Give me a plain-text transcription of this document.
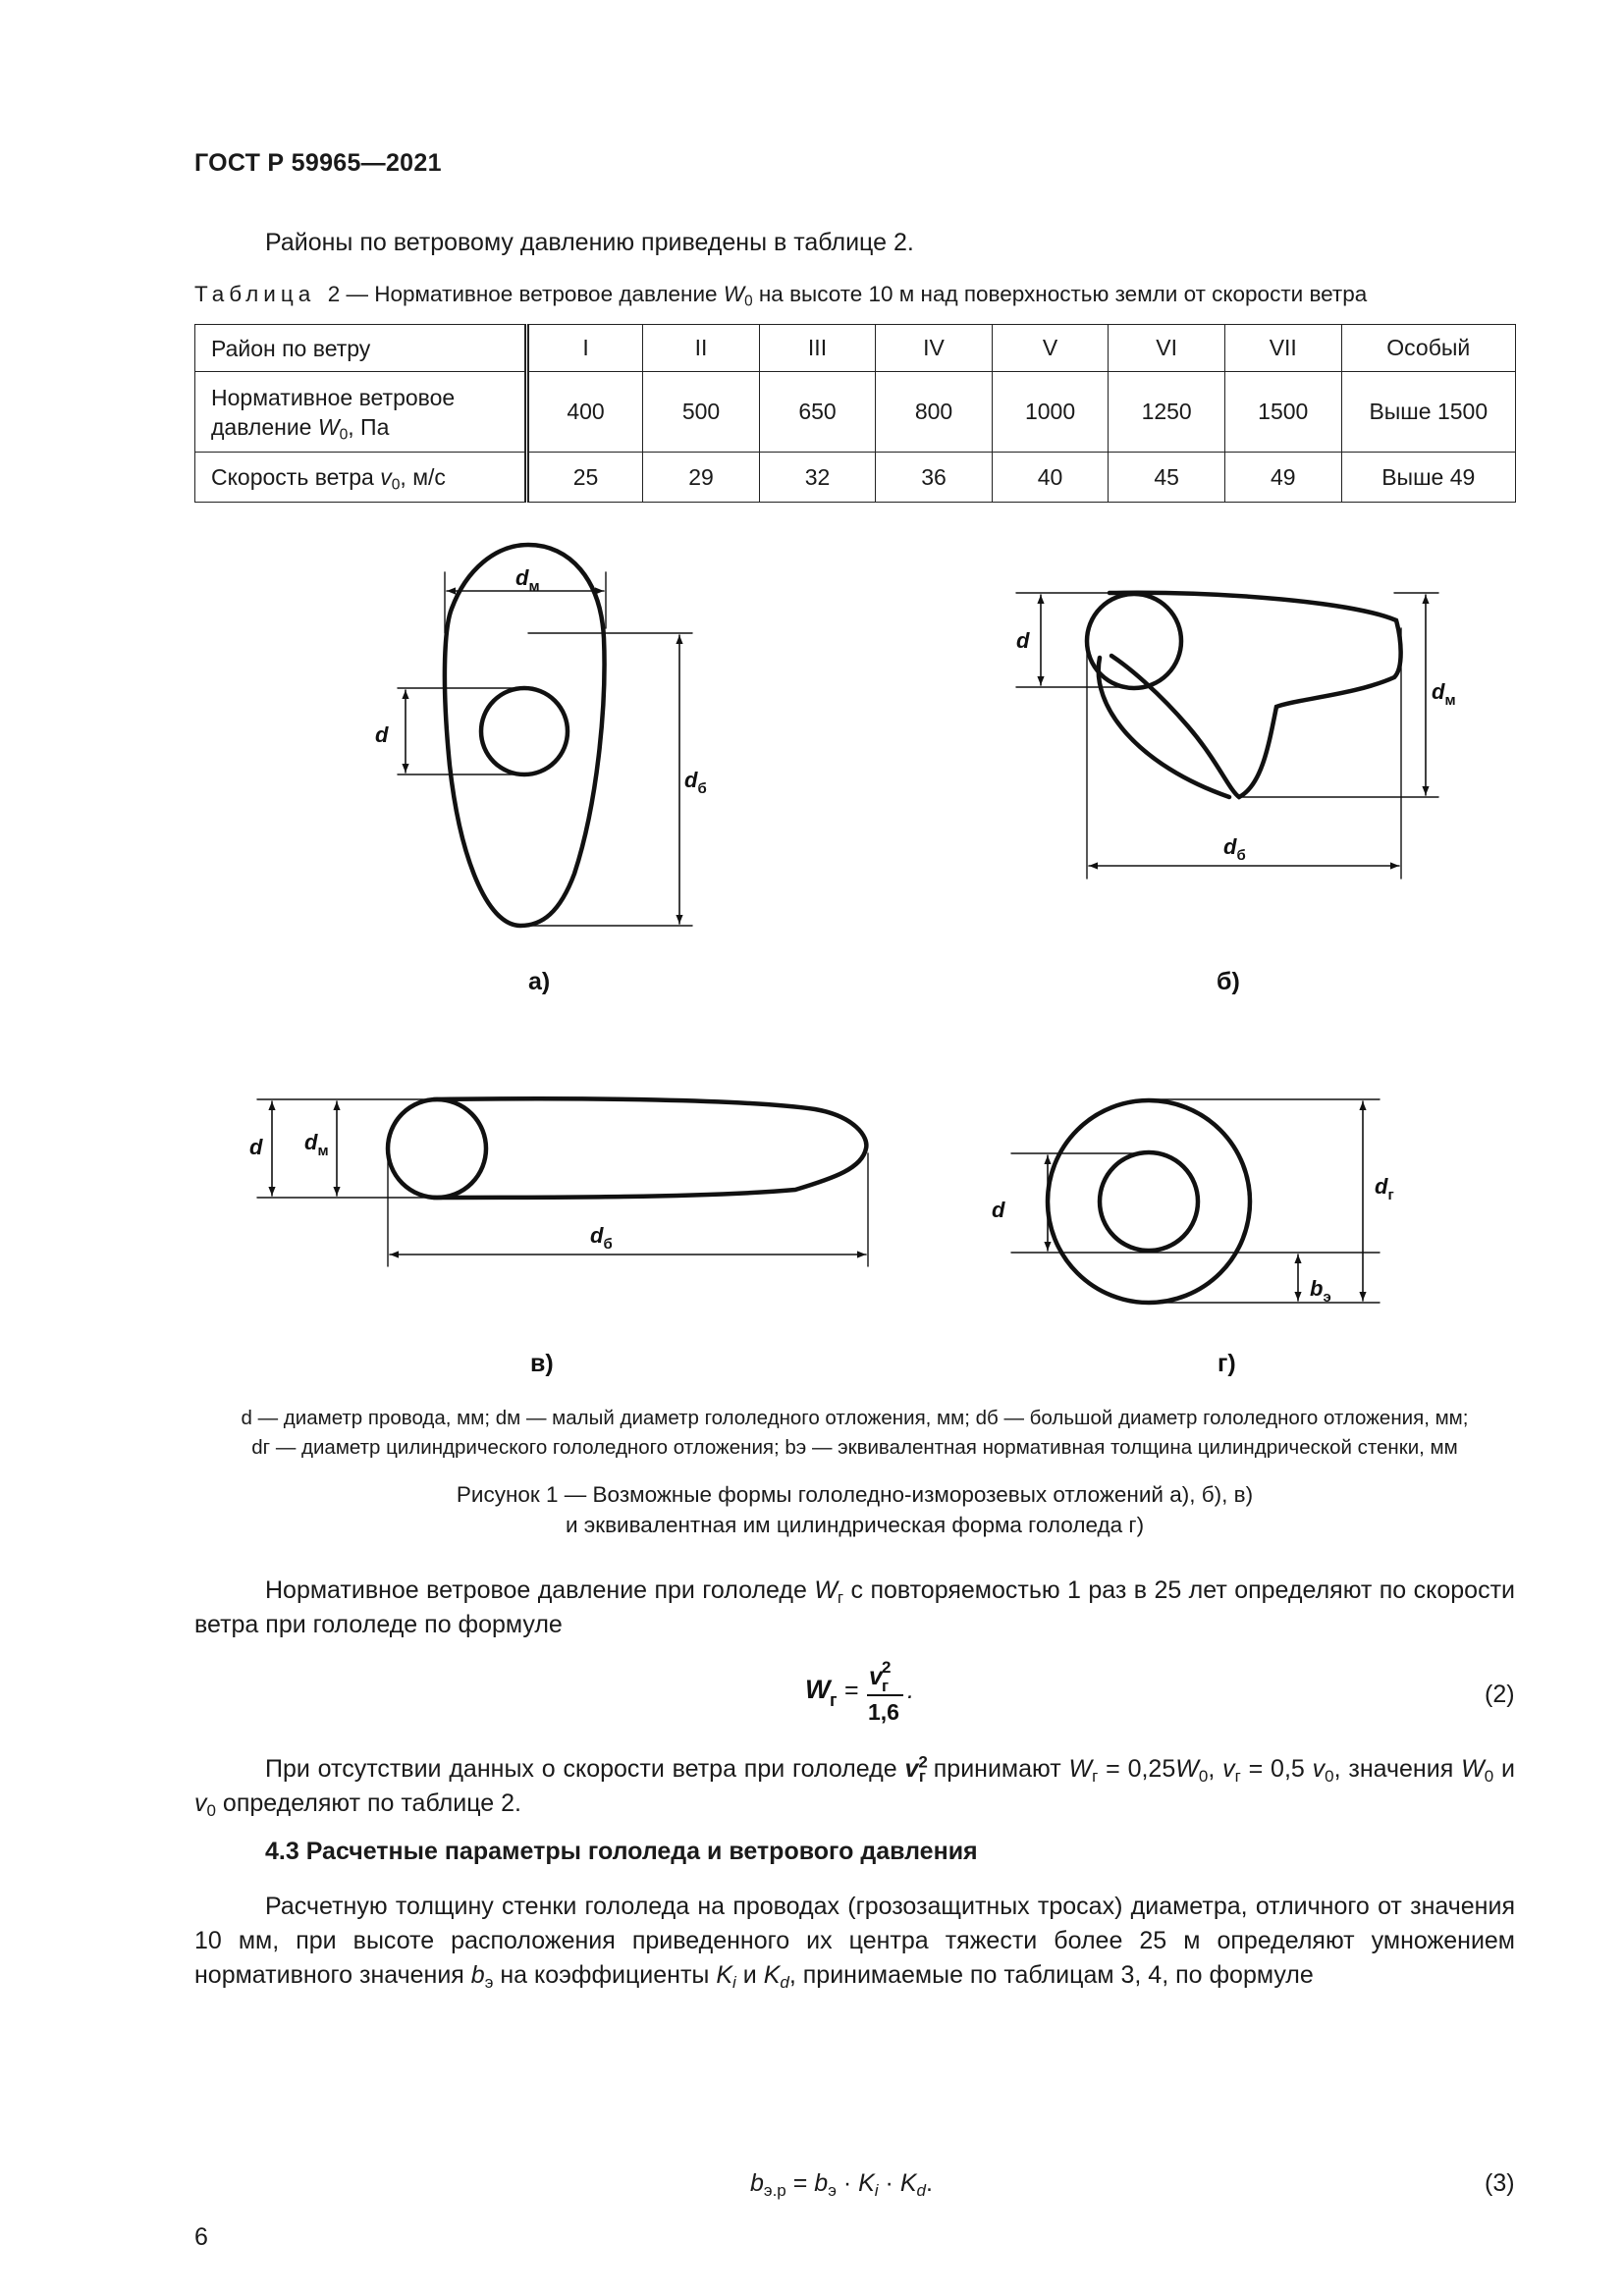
ГОСТ Р 59965—2021
Районы по ветровому давлению приведены в таблице 2.
Таблица 2 — Нормативное ветровое давление $W_0$ на высоте 10 м над поверхностью земли от скорости ветра
Район по ветру	I	II	III	IV	V	VI	VII	Особый
Нормативное ветровое
давление $W_0$, Па	400	500	650	800	1000	1250	1500	Выше 1500
Скорость ветра $v_0$, м/с	25	29	32	36	40	45	49	Выше 49
$d_м$
d
$d_б$
d
$d_м$
$d_б$
d $d_м$
$d_б$
d
$d_г$
$b_э$
а)	б)
в)	г)
d — диаметр провода, мм; dм — малый диаметр гололедного отложения, мм; dб — большой диаметр гололедного отложения, мм;
dг — диаметр цилиндрического гололедного отложения; bэ — эквивалентная нормативная толщина цилиндрической стенки, мм
Рисунок 1 — Возможные формы гололедно-изморозевых отложений а), б), в)
и эквивалентная им цилиндрическая форма гололеда г)
Нормативное ветровое давление при гололеде $W_г$ с повторяемостью 1 раз в 25 лет определяют по скорости ветра при гололеде по формуле
W г = v 2
г
1,6
.	(2)
При отсутствии данных о скорости ветра при гололеде $v^2_г$ принимают $W_г = 0,25W_0$, $v_г = 0,5$ $v_0$, значения $W_0$ и $v_0$ определяют по таблице 2.
4.3 Расчетные параметры гололеда и ветрового давления
Расчетную толщину стенки гололеда на проводах (грозозащитных тросах) диаметра, отличного от значения 10 мм, при высоте расположения приведенного их центра тяжести более 25 м определяют умножением нормативного значения $b_э$ на коэффициенты $K_i$ и $K_d$, принимаемые по таблицам 3, 4, по формуле
$b_{э.р} = b_э \cdot K_i \cdot K_d$.	(3)
6
